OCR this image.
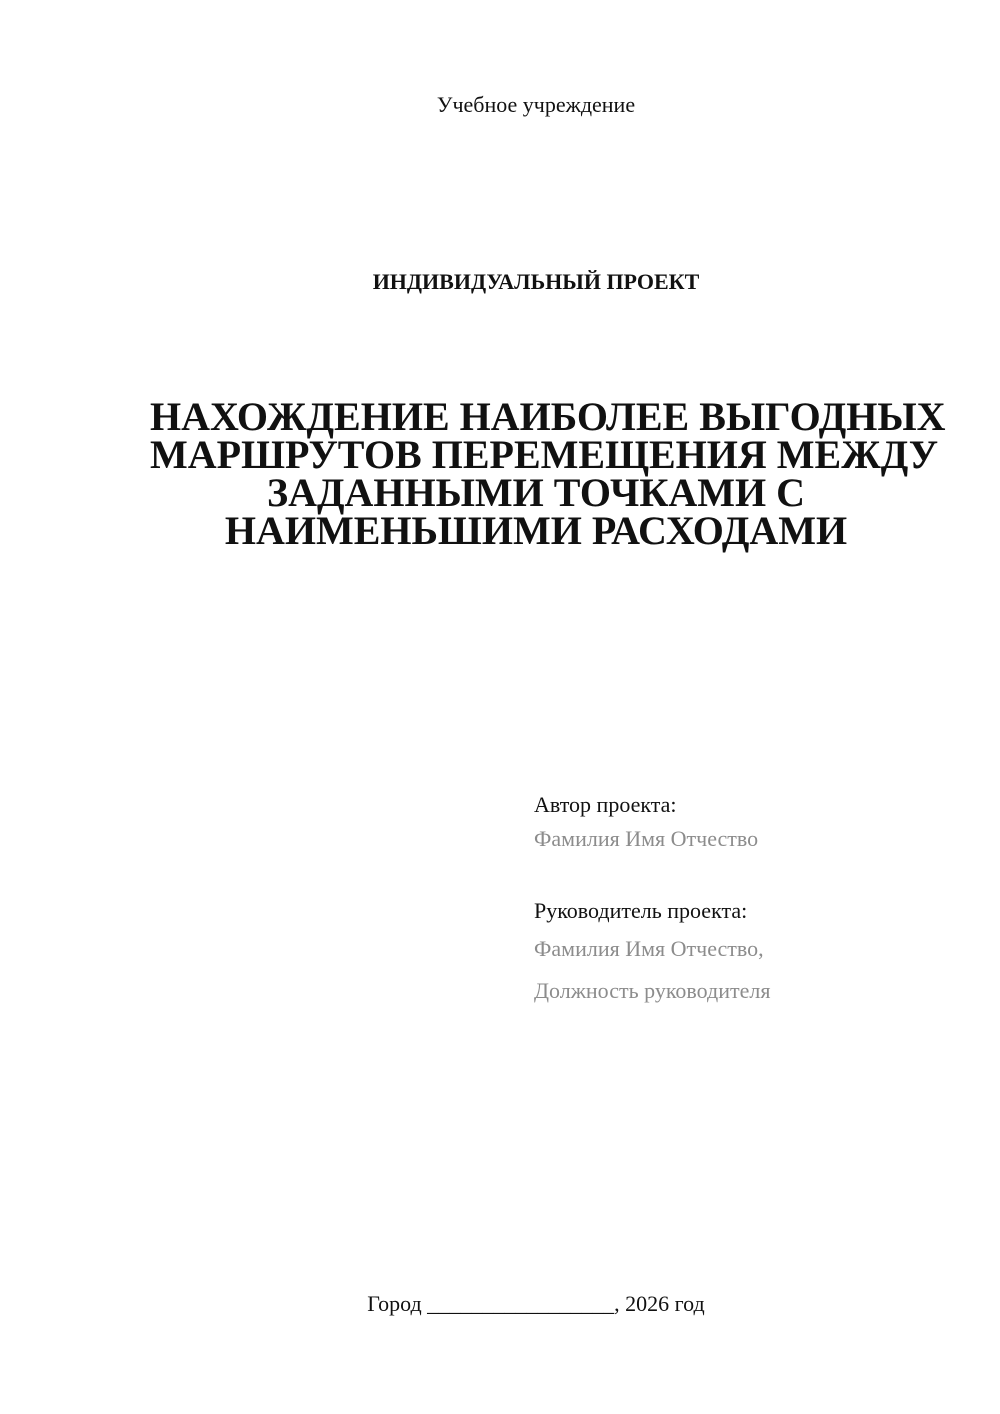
Учебное учреждение
ИНДИВИДУАЛЬНЫЙ ПРОЕКТ
НАХОЖДЕНИЕ НАИБОЛЕЕ ВЫГОДНЫХ
МАРШРУТОВ ПЕРЕМЕЩЕНИЯ МЕЖДУ
ЗАДАННЫМИ ТОЧКАМИ С
НАИМЕНЬШИМИ РАСХОДАМИ
Автор проекта:
Фамилия Имя Отчество
Руководитель проекта:
Фамилия Имя Отчество,
Должность руководителя
Город _________________, 2026 год
